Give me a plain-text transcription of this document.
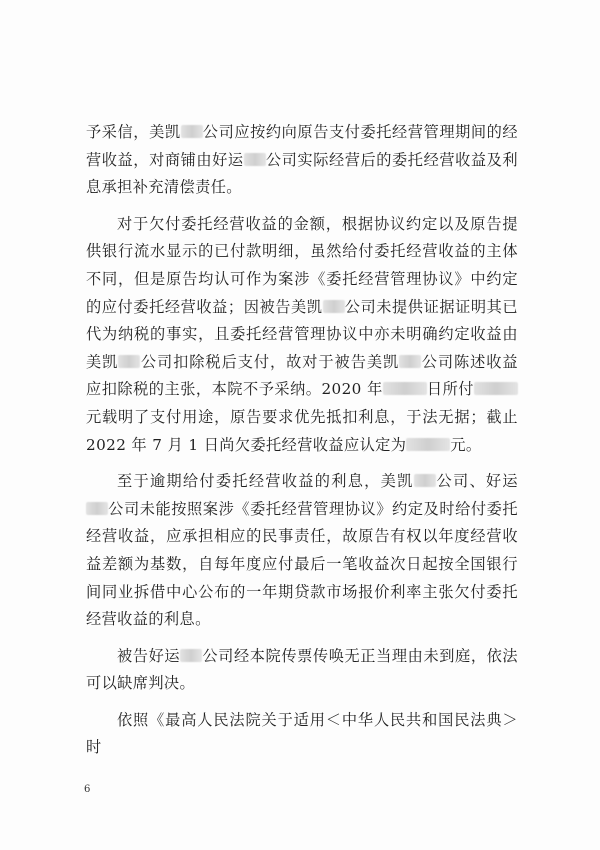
予采信，美凯 公司应按约向原告支付委托经营管理期间的经营收益，对商铺由好运 公司实际经营后的委托经营收益及利息承担补充清偿责任。

对于欠付委托经营收益的金额，根据协议约定以及原告提供银行流水显示的已付款明细，虽然给付委托经营收益的主体不同，但是原告均认可作为案涉《委托经营管理协议》中约定的应付委托经营收益；因被告美凯 公司未提供证据证明其已代为纳税的事实，且委托经营管理协议中亦未明确约定收益由美凯 公司扣除税后支付，故对于被告美凯 公司陈述收益应扣除税的主张，本院不予采纳。2020 年	日所付元载明了支付用途，原告要求优先抵扣利息，于法无据；截止 2022 年 7 月 1 日尚欠委托经营收益应认定为	元。

至于逾期给付委托经营收益的利息，美凯 公司、好运公司未能按照案涉《委托经营管理协议》约定及时给付委托经营收益，应承担相应的民事责任，故原告有权以年度经营收益差额为基数，自每年度应付最后一笔收益次日起按全国银行间同业拆借中心公布的一年期贷款市场报价利率主张欠付委托经营收益的利息。

被告好运 公司经本院传票传唤无正当理由未到庭，依法可以缺席判决。

依照《最高人民法院关于适用＜中华人民共和国民法典＞时

6
